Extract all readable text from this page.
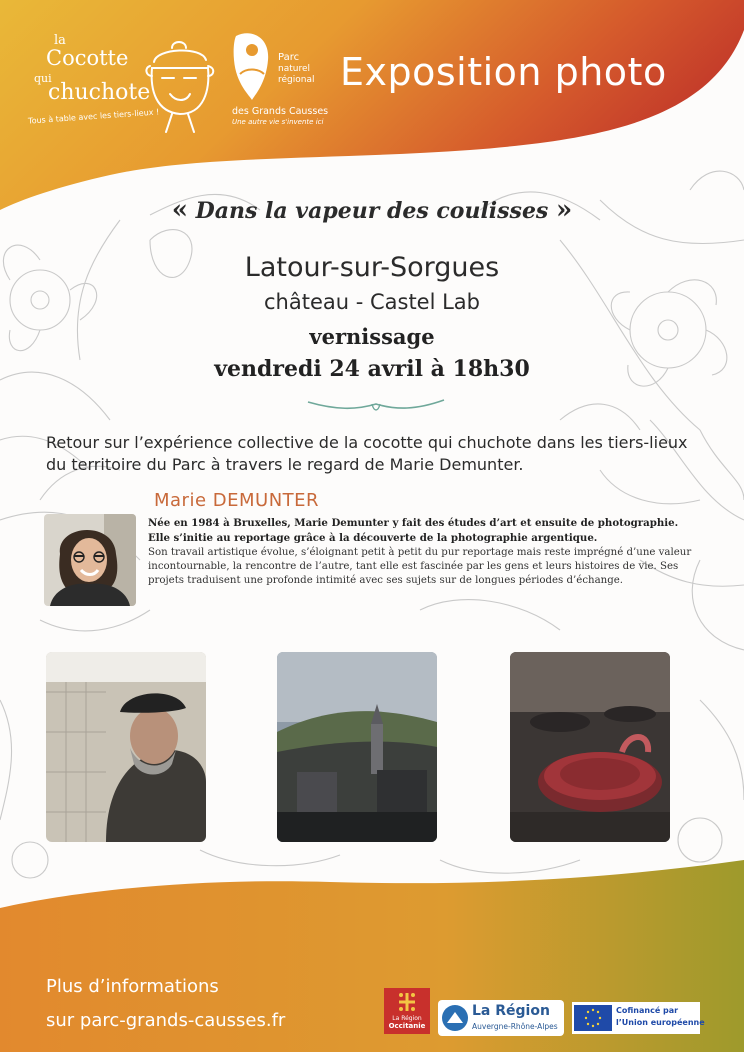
la
Cocotte
qui
chuchote
Tous à table avec les tiers-lieux !
Parc
naturel
régional
des Grands Causses
Une autre vie s'invente ici
Exposition photo
« Dans la vapeur des coulisses »
Latour-sur-Sorgues
château - Castel Lab
vernissage
vendredi 24 avril à 18h30
Retour sur l’expérience collective de la cocotte qui chuchote dans les tiers-lieux du territoire du Parc à travers le regard de Marie Demunter.
Marie DEMUNTER
Née en 1984 à Bruxelles, Marie Demunter y fait des études d’art et ensuite de photographie.
Elle s’initie au reportage grâce à la découverte de la photographie argentique.
Son travail artistique évolue, s’éloignant petit à petit du pur reportage mais reste imprégné d’une valeur incontournable, la rencontre de l’autre, tant elle est fascinée par les gens et leurs histoires de vie. Ses projets traduisent une profonde intimité avec ses sujets sur de longues périodes d’échange.
Plus d’informations
sur parc-grands-causses.fr	La Région
Occitanie
La Région
Auvergne-Rhône-Alpes
Cofinancé par
l’Union européenne
